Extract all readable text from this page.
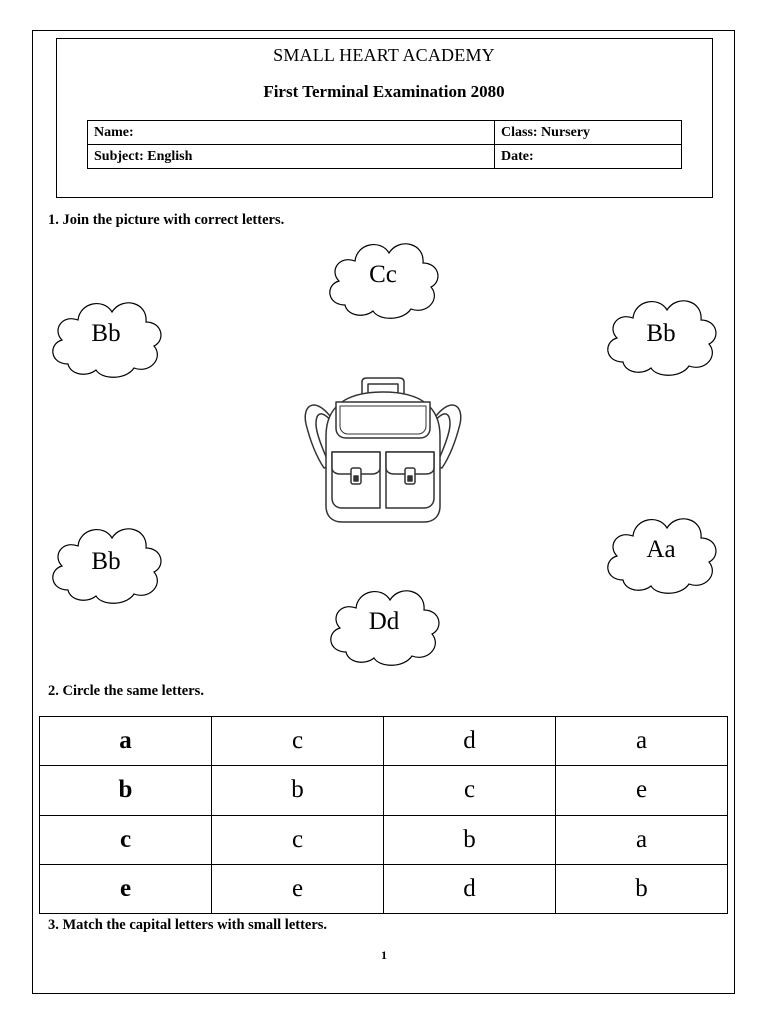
SMALL HEART ACADEMY
First Terminal Examination 2080
Name:	Class: Nursery
Subject: English	Date:
1. Join the picture with correct letters.
Cc
Bb	Bb
Bb	Aa
Dd
2. Circle the same letters.
a	c	d	a
b	b	c	e
c	c	b	a
e	e	d	b
3. Match the capital letters with small letters.
1
